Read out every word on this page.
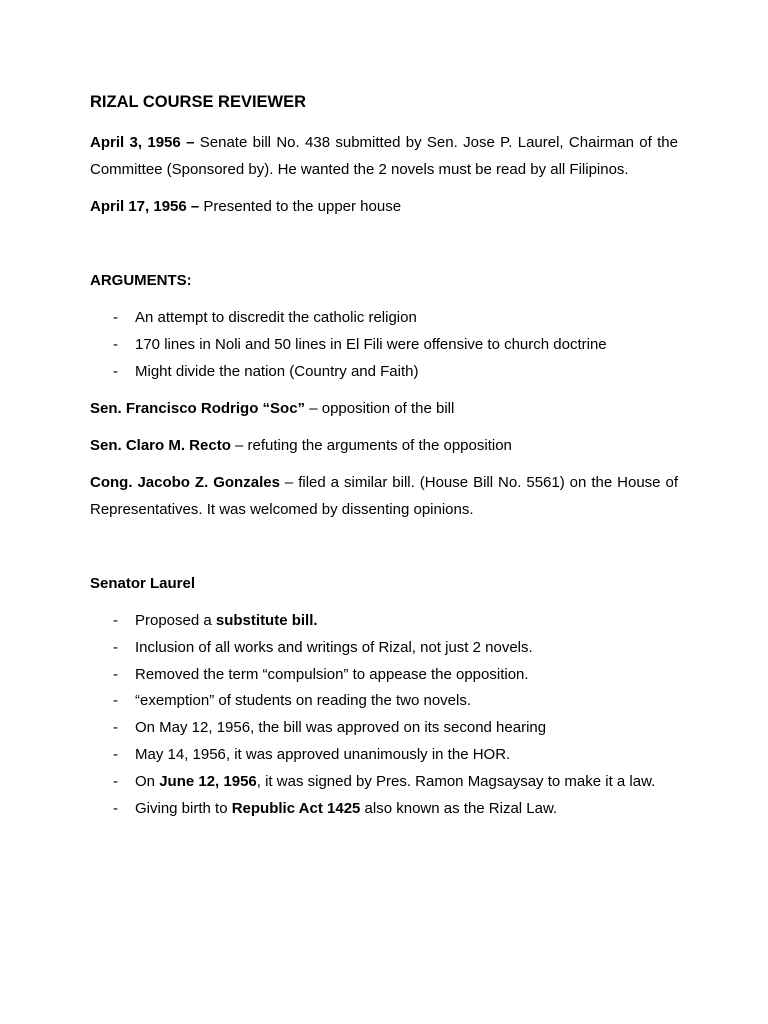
RIZAL COURSE REVIEWER

April 3, 1956 – Senate bill No. 438 submitted by Sen. Jose P. Laurel, Chairman of the Committee (Sponsored by). He wanted the 2 novels must be read by all Filipinos.

April 17, 1956 – Presented to the upper house

ARGUMENTS:

- An attempt to discredit the catholic religion
- 170 lines in Noli and 50 lines in El Fili were offensive to church doctrine
- Might divide the nation (Country and Faith)

Sen. Francisco Rodrigo “Soc” – opposition of the bill

Sen. Claro M. Recto – refuting the arguments of the opposition

Cong. Jacobo Z. Gonzales – filed a similar bill. (House Bill No. 5561) on the House of Representatives. It was welcomed by dissenting opinions.

Senator Laurel

- Proposed a substitute bill.
- Inclusion of all works and writings of Rizal, not just 2 novels.
- Removed the term “compulsion” to appease the opposition.
- “exemption” of students on reading the two novels.
- On May 12, 1956, the bill was approved on its second hearing
- May 14, 1956, it was approved unanimously in the HOR.
- On June 12, 1956, it was signed by Pres. Ramon Magsaysay to make it a law.
- Giving birth to Republic Act 1425 also known as the Rizal Law.
